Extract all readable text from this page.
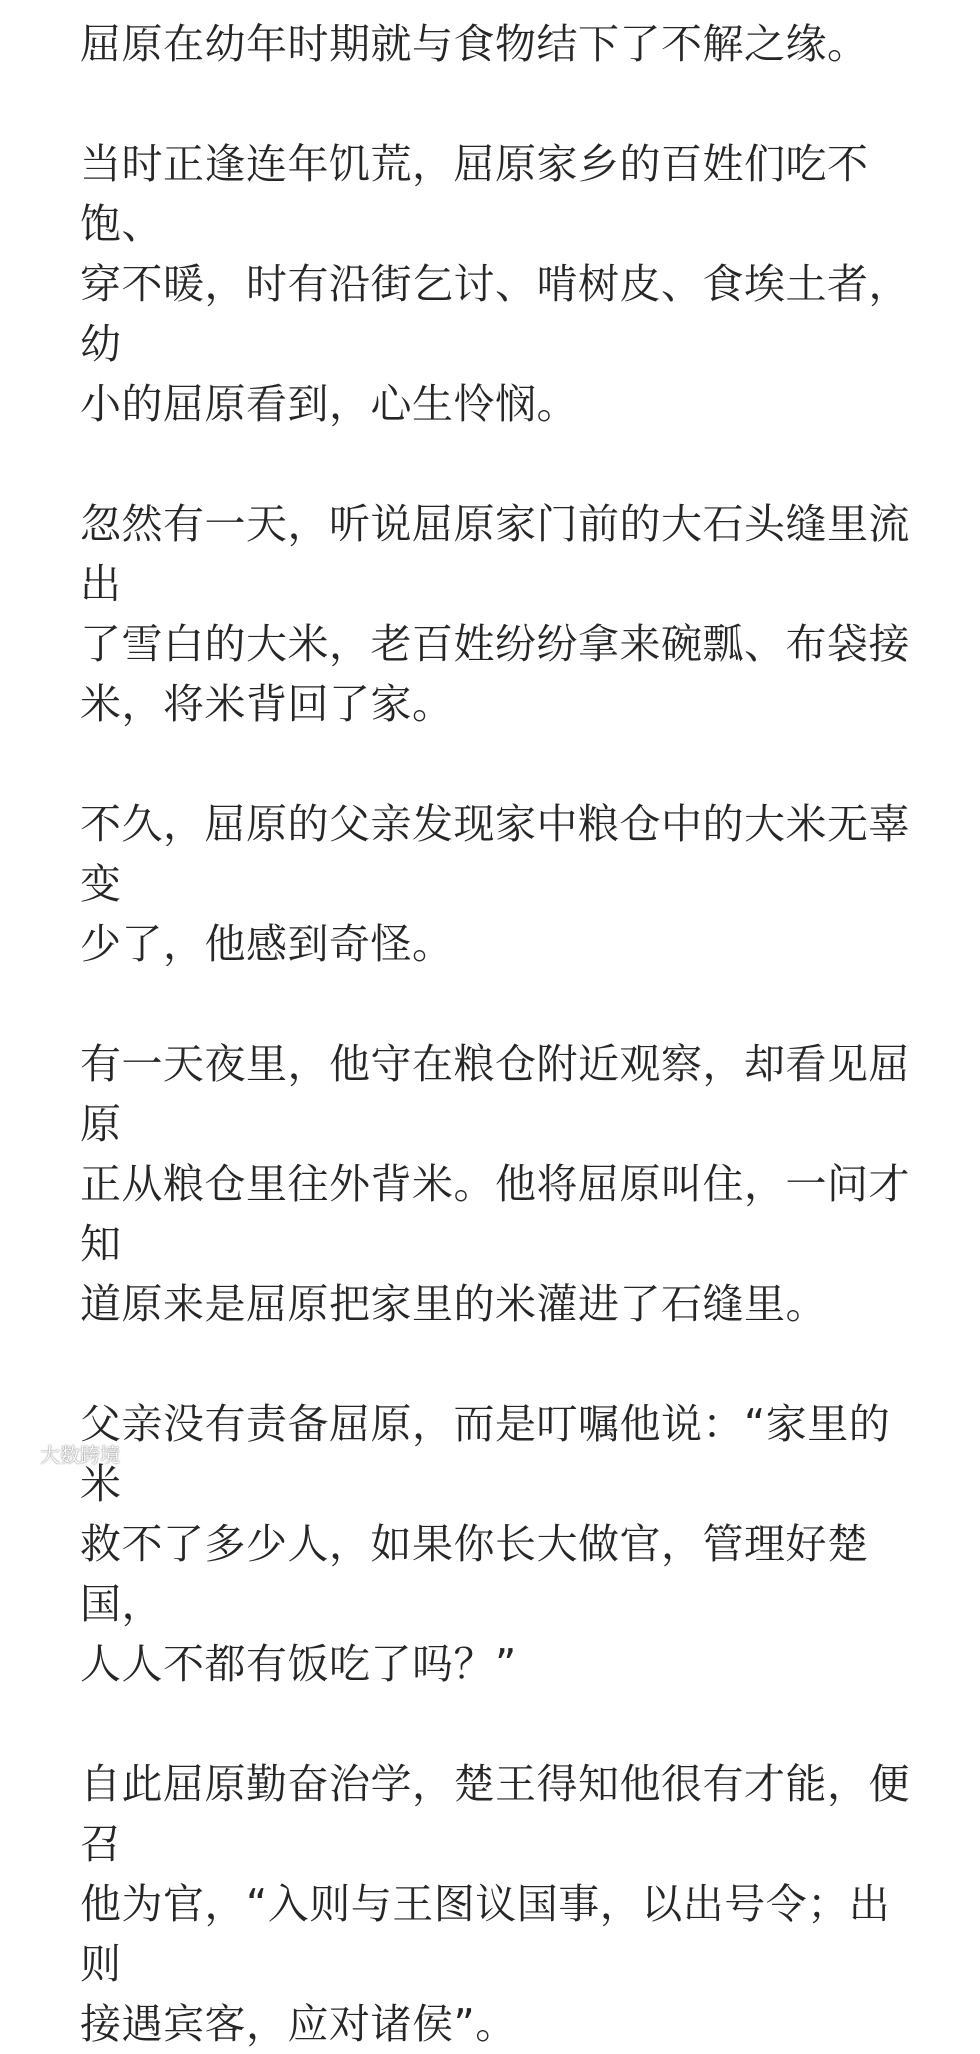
屈原在幼年时期就与食物结下了不解之缘。

当时正逢连年饥荒，屈原家乡的百姓们吃不饱、
穿不暖，时有沿街乞讨、啃树皮、食埃土者，幼
小的屈原看到，心生怜悯。

忽然有一天，听说屈原家门前的大石头缝里流出
了雪白的大米，老百姓纷纷拿来碗瓢、布袋接
米，将米背回了家。

不久，屈原的父亲发现家中粮仓中的大米无辜变
少了，他感到奇怪。

有一天夜里，他守在粮仓附近观察，却看见屈原
正从粮仓里往外背米。他将屈原叫住，一问才知
道原来是屈原把家里的米灌进了石缝里。

父亲没有责备屈原，而是叮嘱他说：“家里的米
救不了多少人，如果你长大做官，管理好楚国，
人人不都有饭吃了吗？”

自此屈原勤奋治学，楚王得知他很有才能，便召
他为官，“入则与王图议国事，以出号令；出则
接遇宾客，应对诸侯”。

大数跨境
